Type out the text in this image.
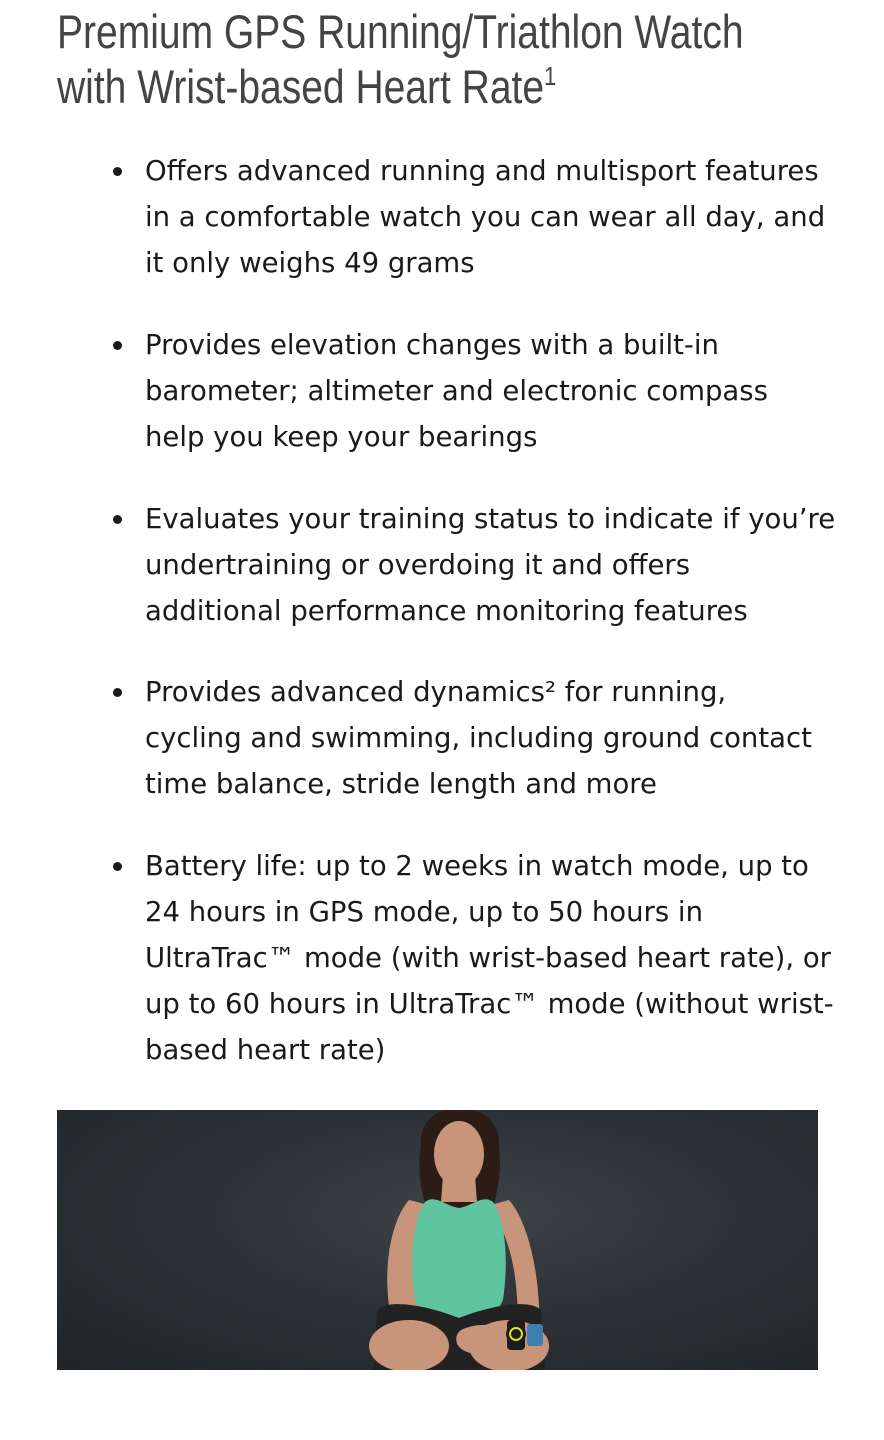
Premium GPS Running/Triathlon Watch
with Wrist-based Heart Rate$^1$
Offers advanced running and multisport features
in a comfortable watch you can wear all day, and
it only weighs 49 grams
Provides elevation changes with a built-in
barometer; altimeter and electronic compass
help you keep your bearings
Evaluates your training status to indicate if you’re
undertraining or overdoing it and offers
additional performance monitoring features
Provides advanced dynamics² for running,
cycling and swimming, including ground contact
time balance, stride length and more
Battery life: up to 2 weeks in watch mode, up to
24 hours in GPS mode, up to 50 hours in
UltraTrac™ mode (with wrist-based heart rate), or
up to 60 hours in UltraTrac™ mode (without wrist-
based heart rate)
